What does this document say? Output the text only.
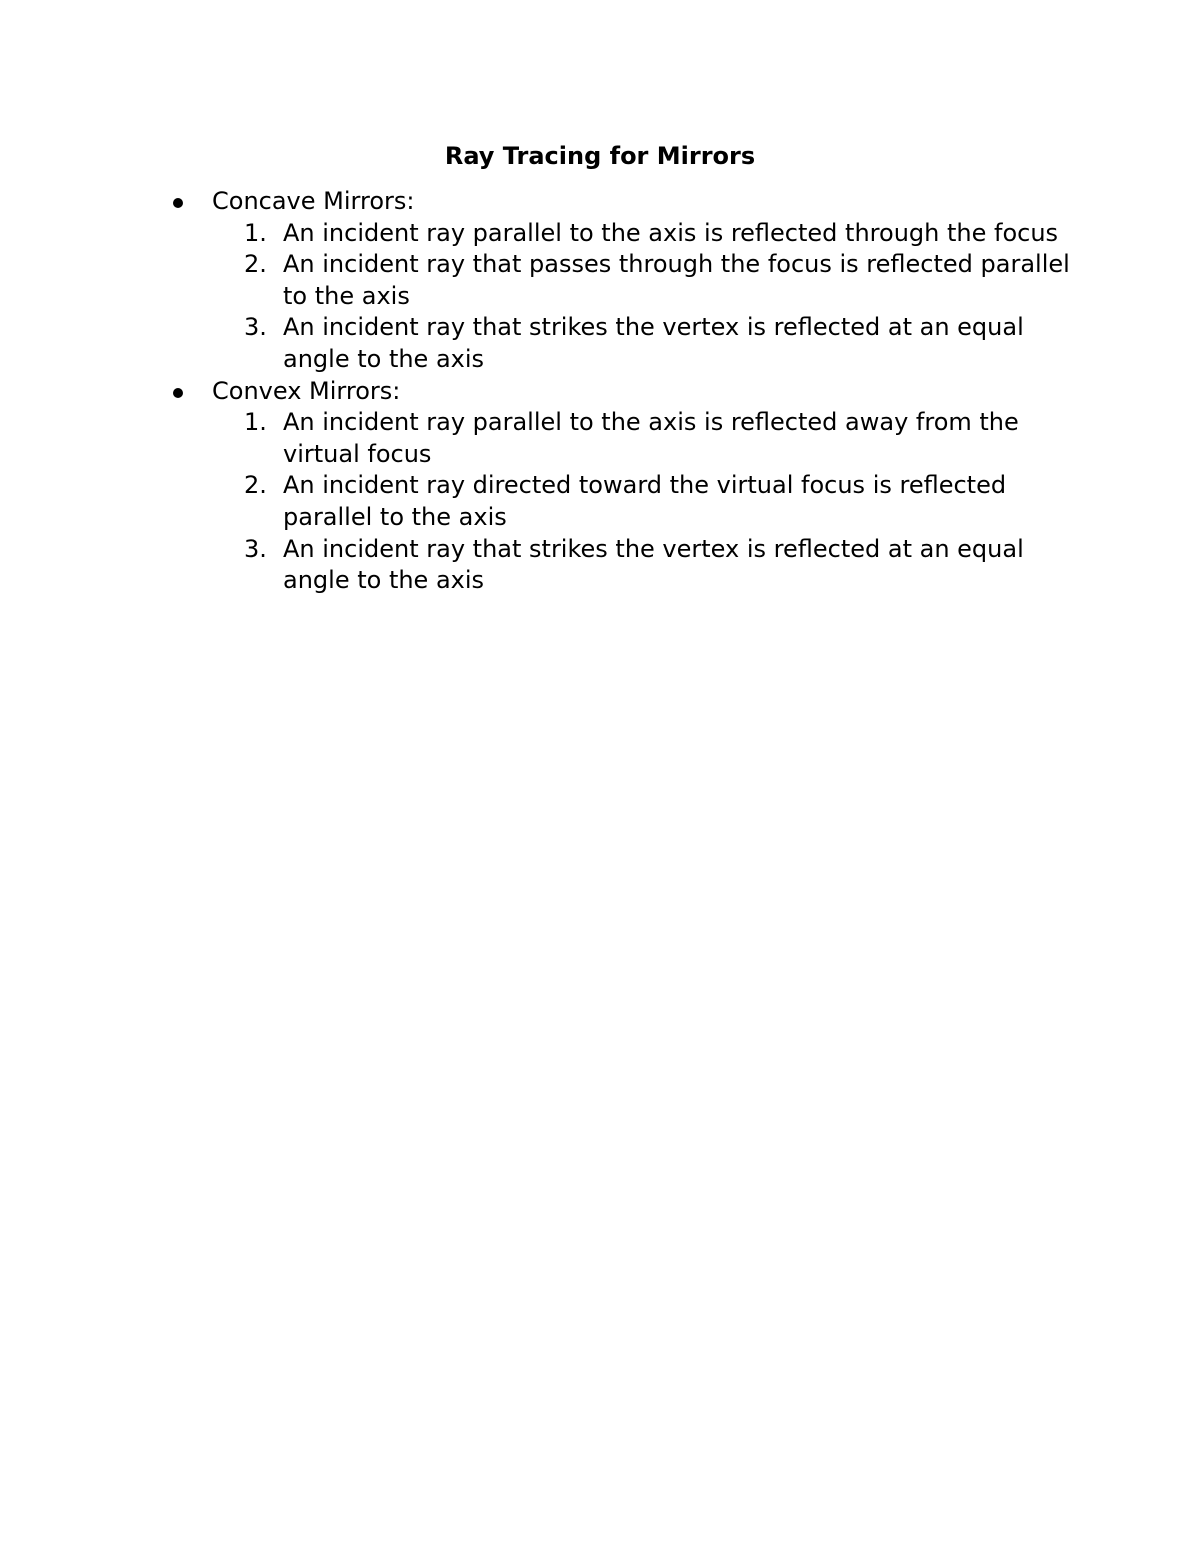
Ray Tracing for Mirrors
Concave Mirrors:
1. An incident ray parallel to the axis is reflected through the focus
2. An incident ray that passes through the focus is reflected parallel to the axis
3. An incident ray that strikes the vertex is reflected at an equal angle to the axis
Convex Mirrors:
1. An incident ray parallel to the axis is reflected away from the virtual focus
2. An incident ray directed toward the virtual focus is reflected parallel to the axis
3. An incident ray that strikes the vertex is reflected at an equal angle to the axis
